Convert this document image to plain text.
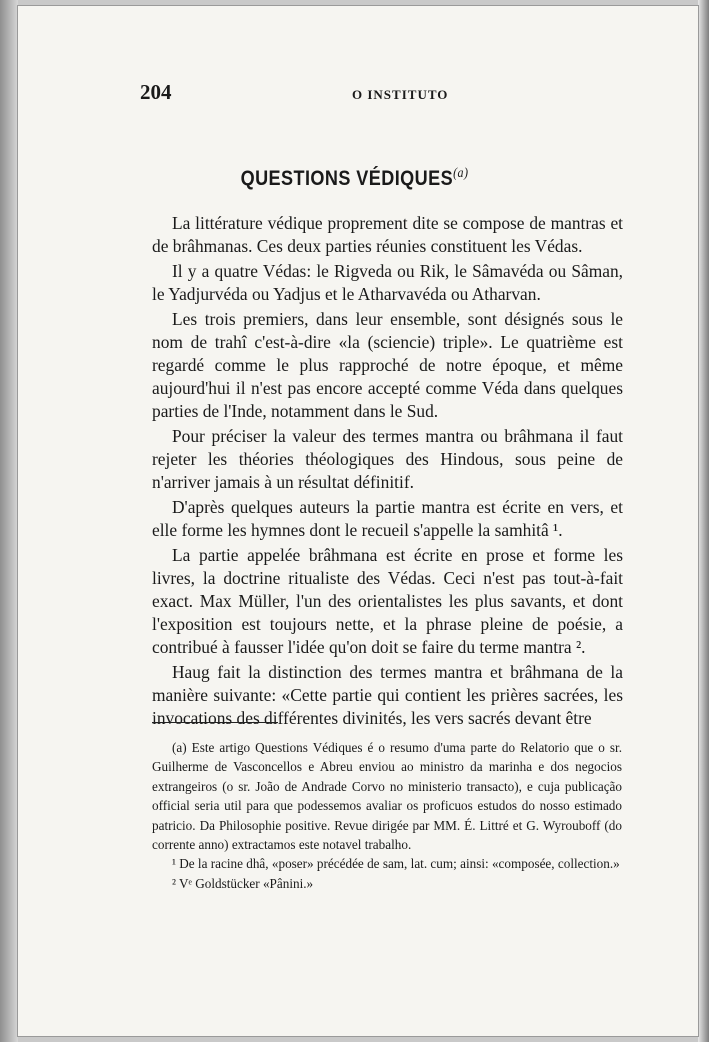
204	O INSTITUTO
QUESTIONS VÉDIQUES$^{(a)}$

La littérature védique proprement dite se compose de mantras et de brâhmanas. Ces deux parties réunies constituent les Védas.

Il y a quatre Védas: le Rigveda ou Rik, le Sâmavéda ou Sâman, le Yadjurvéda ou Yadjus et le Atharvavéda ou Atharvan.

Les trois premiers, dans leur ensemble, sont désignés sous le nom de trahî c'est-à-dire «la (sciencie) triple». Le quatrième est regardé comme le plus rapproché de notre époque, et même aujourd'hui il n'est pas encore accepté comme Véda dans quelques parties de l'Inde, notamment dans le Sud.

Pour préciser la valeur des termes mantra ou brâhmana il faut rejeter les théories théologiques des Hindous, sous peine de n'arriver jamais à un résultat définitif.

D'après quelques auteurs la partie mantra est écrite en vers, et elle forme les hymnes dont le recueil s'appelle la samhitâ ¹.

La partie appelée brâhmana est écrite en prose et forme les livres, la doctrine ritualiste des Védas. Ceci n'est pas tout-à-fait exact. Max Müller, l'un des orientalistes les plus savants, et dont l'exposition est toujours nette, et la phrase pleine de poésie, a contribué à fausser l'idée qu'on doit se faire du terme mantra ².

Haug fait la distinction des termes mantra et brâhmana de la manière suivante: «Cette partie qui contient les prières sacrées, les invocations des différentes divinités, les vers sacrés devant être

(a) Este artigo Questions Védiques é o resumo d'uma parte do Relatorio que o sr. Guilherme de Vasconcellos e Abreu enviou ao ministro da marinha e dos negocios extrangeiros (o sr. João de Andrade Corvo no ministerio transacto), e cuja publicação official seria util para que podessemos avaliar os proficuos estudos do nosso estimado patricio. Da Philosophie positive. Revue dirigée par MM. É. Littré et G. Wyrouboff (do corrente anno) extractamos este notavel trabalho.

¹ De la racine dhâ, «poser» précédée de sam, lat. cum; ainsi: «composée, collection.»

² Vᵉ Goldstücker «Pânini.»
